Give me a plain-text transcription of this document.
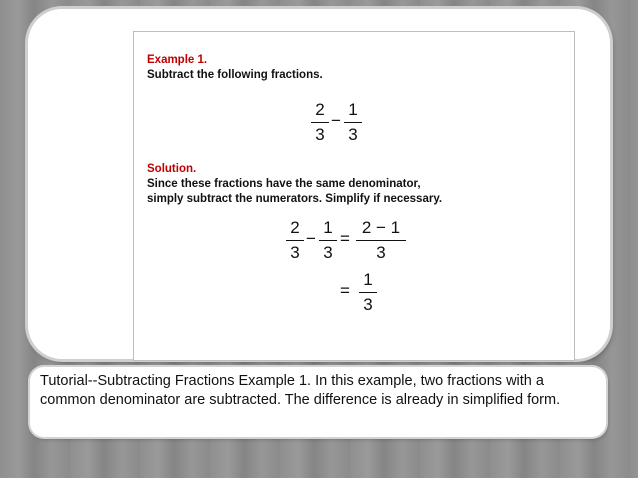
Example 1.
Subtract the following fractions.
2
3
−
1
3
Solution.
Since these fractions have the same denominator,
simply subtract the numerators. Simplify if necessary.
2
3
−
1
3
=
2 − 1
3
=
1
3
Tutorial--Subtracting Fractions Example 1. In this example, two fractions with a common denominator are subtracted. The difference is already in simplified form.
